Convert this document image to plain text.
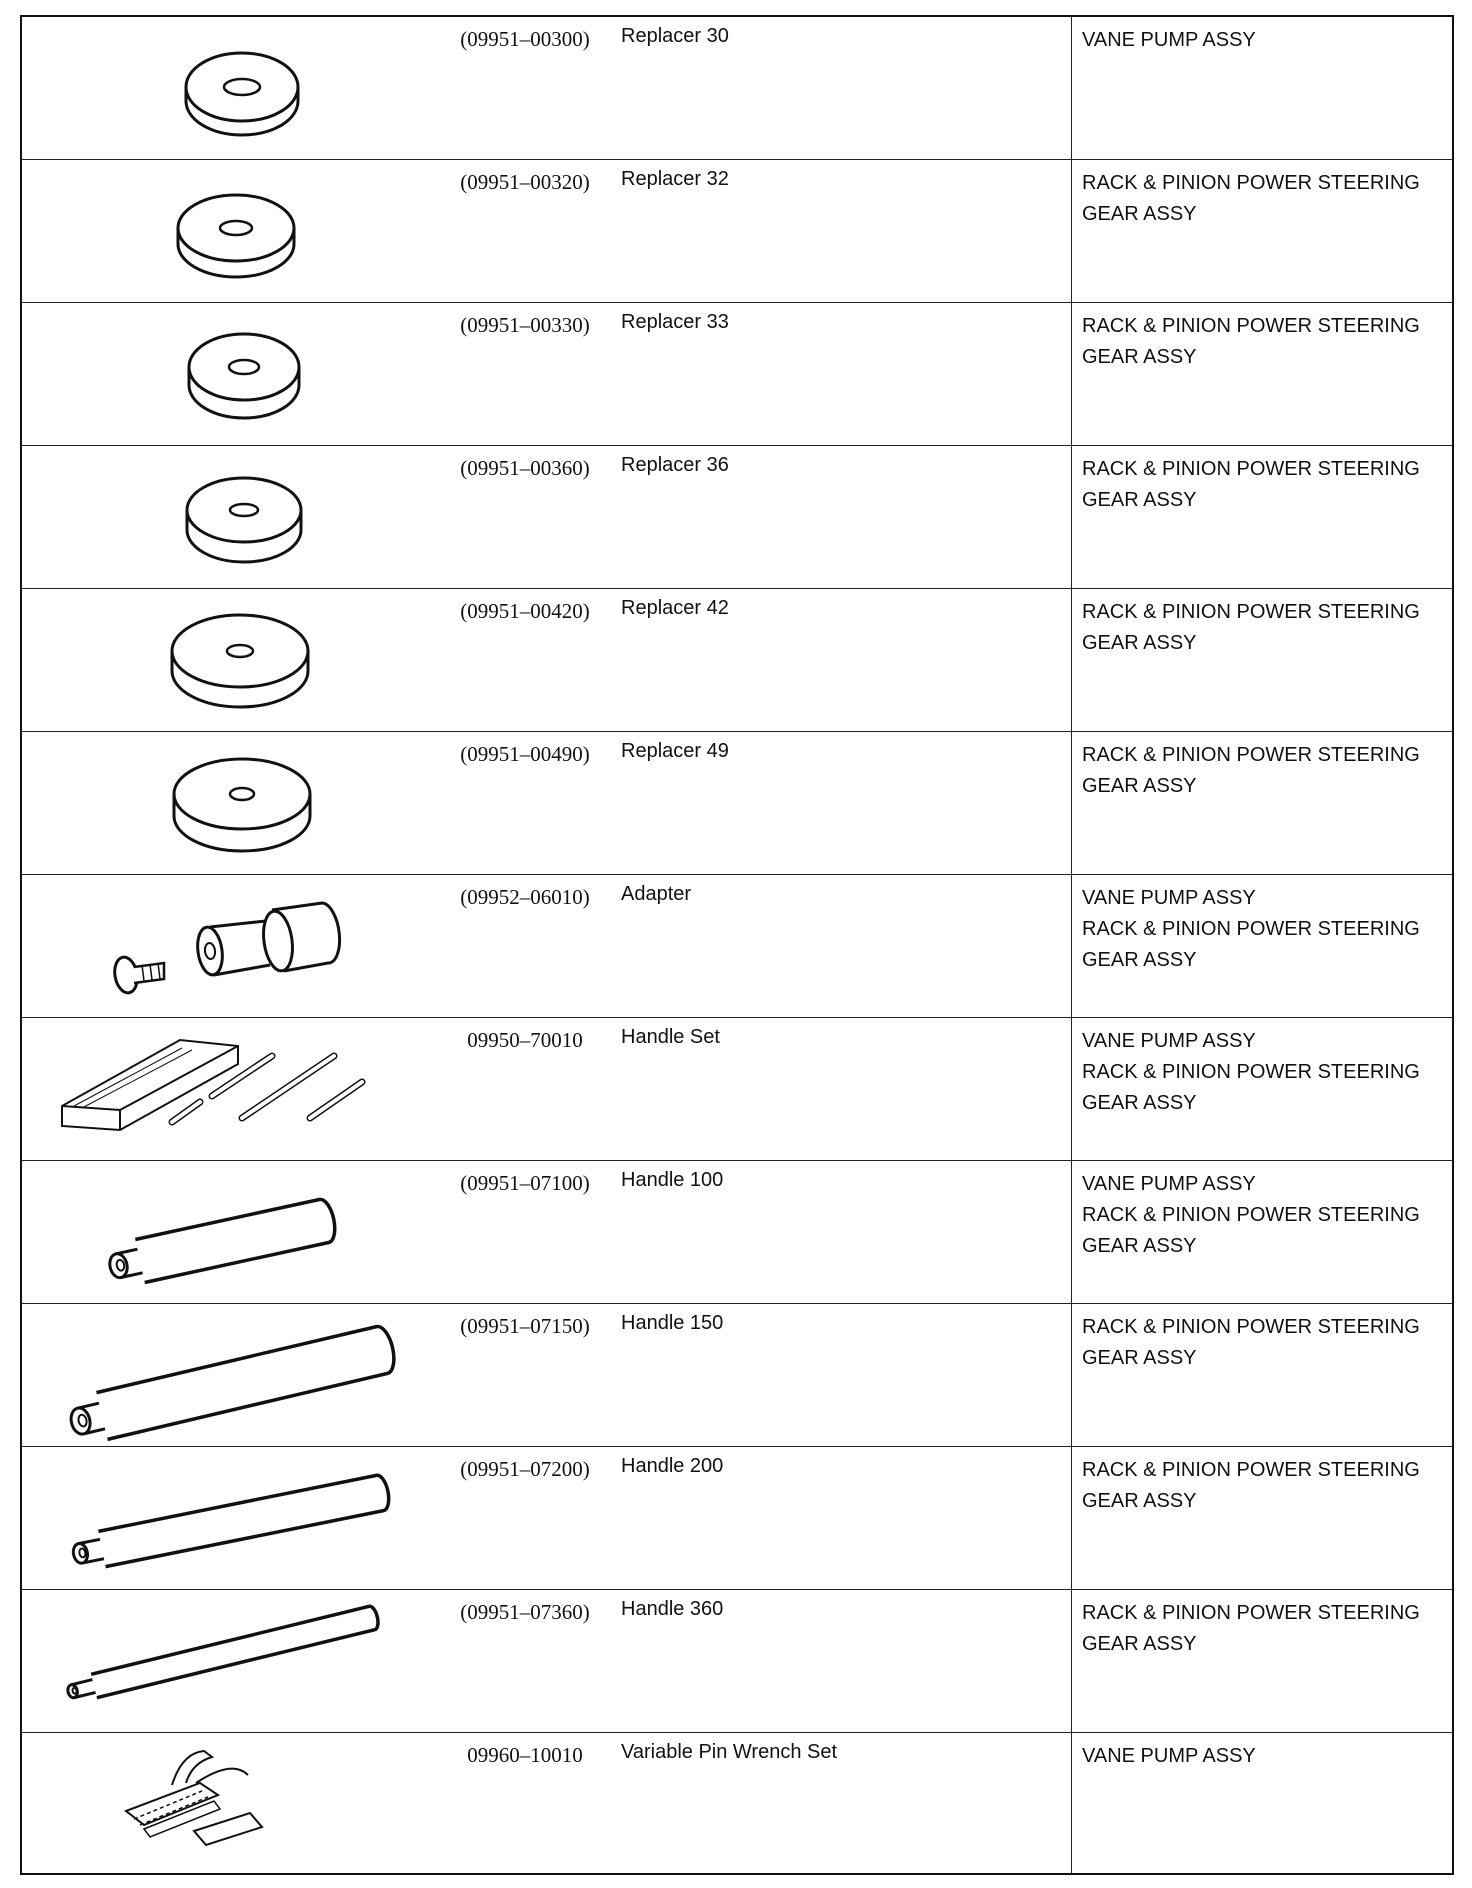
(09951–00300)	Replacer 30	VANE PUMP ASSY
(09951–00320)	Replacer 32	RACK & PINION POWER STEERING
GEAR ASSY
(09951–00330)	Replacer 33	RACK & PINION POWER STEERING
GEAR ASSY
(09951–00360)	Replacer 36	RACK & PINION POWER STEERING
GEAR ASSY
(09951–00420)	Replacer 42	RACK & PINION POWER STEERING
GEAR ASSY
(09951–00490)	Replacer 49	RACK & PINION POWER STEERING
GEAR ASSY
(09952–06010)	Adapter	VANE PUMP ASSY
RACK & PINION POWER STEERING
GEAR ASSY
09950–70010	Handle Set	VANE PUMP ASSY
RACK & PINION POWER STEERING
GEAR ASSY
(09951–07100)	Handle 100	VANE PUMP ASSY
RACK & PINION POWER STEERING
GEAR ASSY
(09951–07150)	Handle 150	RACK & PINION POWER STEERING
GEAR ASSY
(09951–07200)	Handle 200	RACK & PINION POWER STEERING
GEAR ASSY
(09951–07360)	Handle 360	RACK & PINION POWER STEERING
GEAR ASSY
09960–10010	Variable Pin Wrench Set	VANE PUMP ASSY
